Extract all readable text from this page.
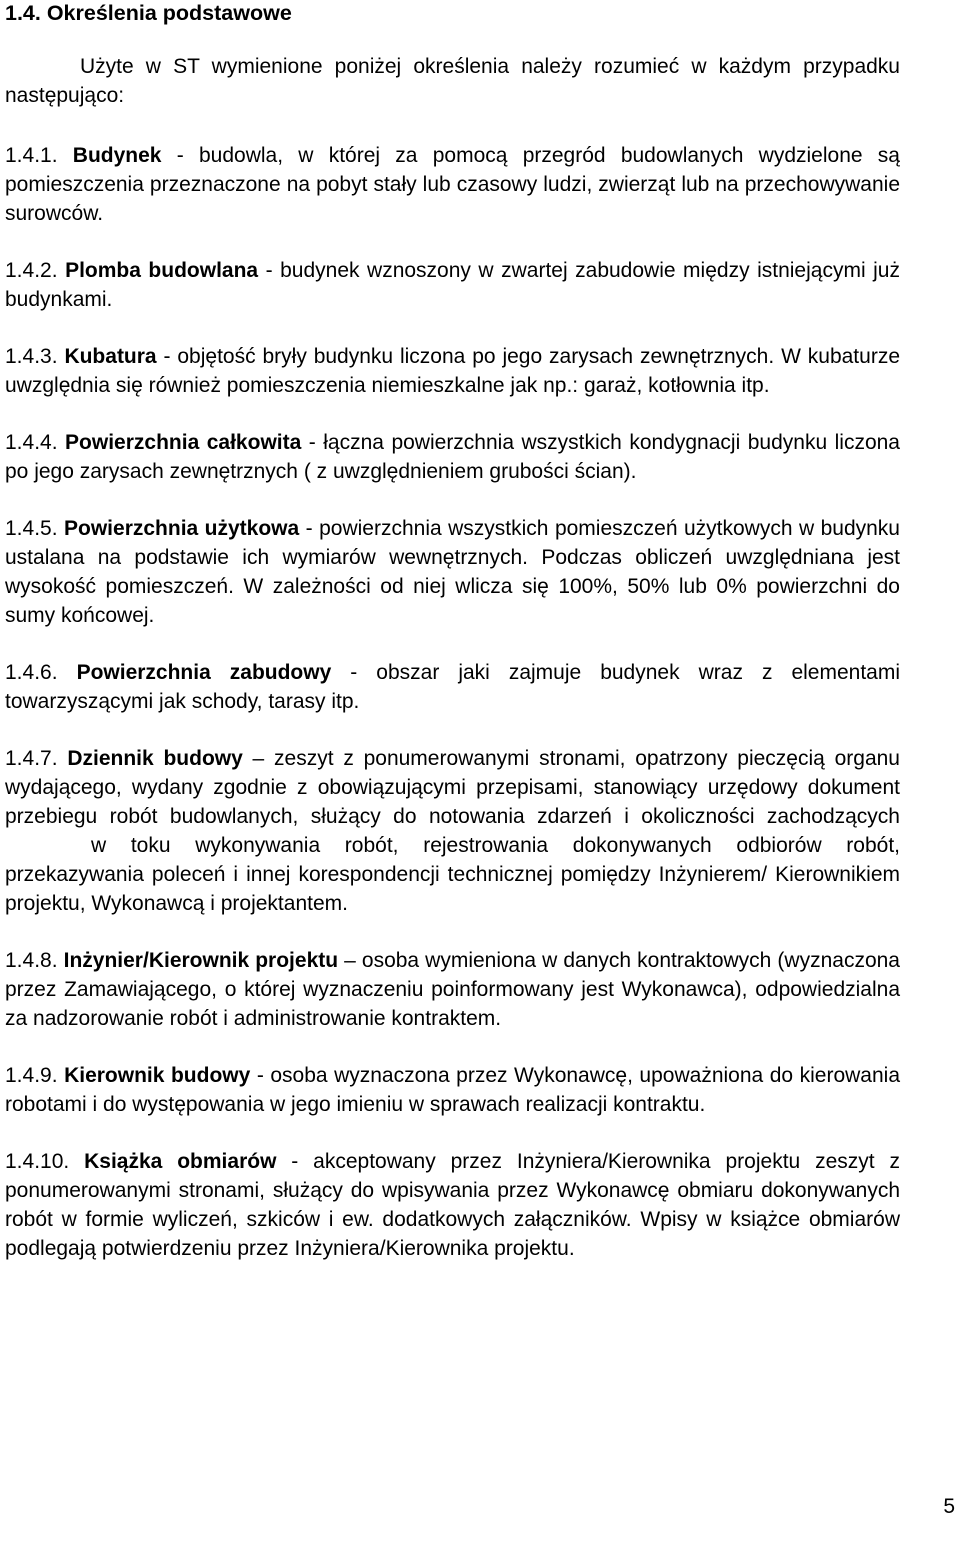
1.4. Określenia podstawowe

Użyte w ST wymienione poniżej określenia należy rozumieć w każdym przypadku następująco:

1.4.1. Budynek - budowla, w której za pomocą przegród budowlanych wydzielone są pomieszczenia przeznaczone na pobyt stały lub czasowy ludzi, zwierząt lub na przechowywanie surowców.

1.4.2. Plomba budowlana - budynek wznoszony w zwartej zabudowie między istniejącymi już budynkami.

1.4.3. Kubatura - objętość bryły budynku liczona po jego zarysach zewnętrznych. W kubaturze uwzględnia się również pomieszczenia niemieszkalne jak np.: garaż, kotłownia itp.

1.4.4. Powierzchnia całkowita - łączna powierzchnia wszystkich kondygnacji budynku liczona po jego zarysach zewnętrznych ( z uwzględnieniem grubości ścian).

1.4.5. Powierzchnia użytkowa - powierzchnia wszystkich pomieszczeń użytkowych w budynku ustalana na podstawie ich wymiarów wewnętrznych. Podczas obliczeń uwzględniana jest wysokość pomieszczeń. W zależności od niej wlicza się 100%, 50% lub 0% powierzchni do sumy końcowej.

1.4.6. Powierzchnia zabudowy - obszar jaki zajmuje budynek wraz z elementami towarzyszącymi jak schody, tarasy itp.

1.4.7. Dziennik budowy – zeszyt z ponumerowanymi stronami, opatrzony pieczęcią organu wydającego, wydany zgodnie z obowiązującymi przepisami, stanowiący urzędowy dokument przebiegu robót budowlanych, służący do notowania zdarzeń i okoliczności zachodzącychw toku wykonywania robót, rejestrowania dokonywanych odbiorów robót, przekazywania poleceń i innej korespondencji technicznej pomiędzy Inżynierem/ Kierownikiem projektu, Wykonawcą i projektantem.

1.4.8. Inżynier/Kierownik projektu – osoba wymieniona w danych kontraktowych (wyznaczona przez Zamawiającego, o której wyznaczeniu poinformowany jest Wykonawca), odpowiedzialna za nadzorowanie robót i administrowanie kontraktem.

1.4.9. Kierownik budowy - osoba wyznaczona przez Wykonawcę, upoważniona do kierowania robotami i do występowania w jego imieniu w sprawach realizacji kontraktu.

1.4.10. Książka obmiarów - akceptowany przez Inżyniera/Kierownika projektu zeszyt z ponumerowanymi stronami, służący do wpisywania przez Wykonawcę obmiaru dokonywanych robót w formie wyliczeń, szkiców i ew. dodatkowych załączników. Wpisy w książce obmiarów podlegają potwierdzeniu przez Inżyniera/Kierownika projektu.

5
